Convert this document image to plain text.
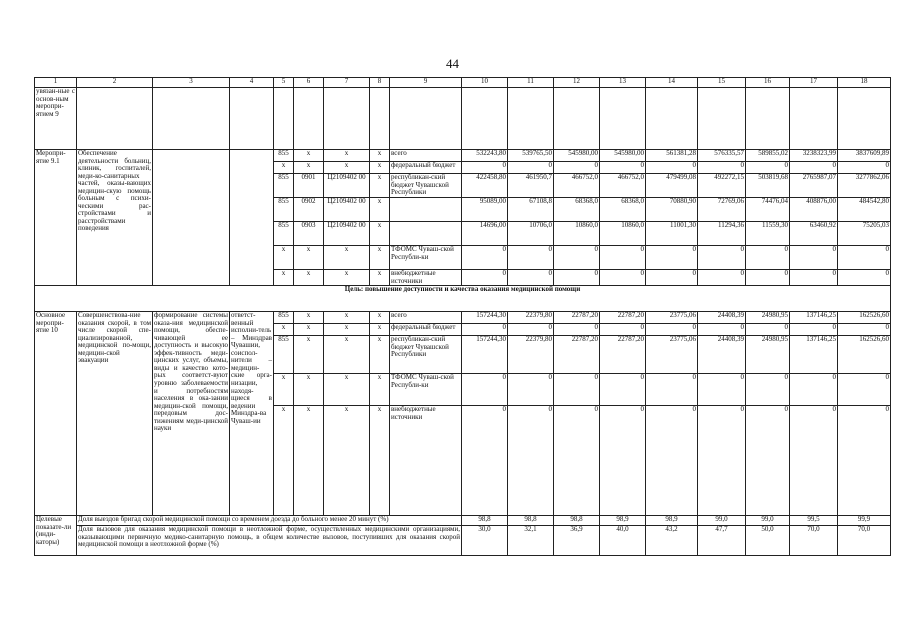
44
1	2	3	4	5	6	7	8	9	10	11	12	13	14	15	16	17	18
увязан-ные с основ-ным меропри-ятием 9																	
Меропри-ятие 9.1	Обеспечение деятельности больниц, клиник, госпиталей, меди-ко-санитарных частей, оказы-вающих медицин-скую помощь больным с психи-ческими рас-стройствами и расстройствами поведения			855	x	x	x	всего	532243,80	539765,50	545980,00	545980,00	561381,28	576335,57	589855,02	3238323,99	3837609,89
				x	x	x	x	федеральный бюджет	0	0	0	0	0	0	0	0	0
				855	0901	Ц2109402 00	x	республикан-ский бюджет Чувашской Республики	422458,80	461950,7	466752,0	466752,0	479499,08	492272,15	503819,68	2765987,07	3277862,06
				855	0902	Ц2109402 00	x		95089,00	67108,8	68368,0	68368,0	70880,90	72769,06	74476,04	408876,00	484542,80
				855	0903	Ц2109402 00	x		14696,00	10706,0	10860,0	10860,0	11001,30	11294,36	11559,30	63460,92	75205,03
				x	x	x	x	ТФОМС Чуваш-ской Республи-ки	0	0	0	0	0	0	0	0	0
				x	x	x	x	внебюджетные источники	0	0	0	0	0	0	0	0	0
Цель: повышение доступности и качества оказания медицинской помощи																	
Основное меропри-ятие 10	Совершенствова-ние оказания скорой, в том числе скорой спе-циализированной, медицинской по-мощи, медицин-ской эвакуации	формирование системы оказа-ния медицинской помощи, обеспе-чивающей ее доступность и высокую эффек-тивность меди-цинских услуг, объемы, виды и качество кото-рых соответст-вуют уровню заболеваемости и потребностям населения в ока-зании медицин-ской помощи, передовым дос-тижениям меди-цинской науки	ответст-венный исполни-тель – Минздрав Чувашии, соиспол-нители – медицин-ские орга-низации, находя-щиеся в ведении Минздра-ва Чуваш-ии	855	x	x	x	всего	157244,30	22379,80	22787,20	22787,20	23775,06	24408,39	24980,95	137146,25	162526,60
				x	x	x	x	федеральный бюджет	0	0	0	0	0	0	0	0	0
				855	x	x	x	республикан-ский бюджет Чувашской Республики	157244,30	22379,80	22787,20	22787,20	23775,06	24408,39	24980,95	137146,25	162526,60
				x	x	x	x	ТФОМС Чуваш-ской Республи-ки	0	0	0	0	0	0	0	0	0
				x	x	x	x	внебюджетные источники	0	0	0	0	0	0	0	0	0
Целевые показате-ли (инди-каторы)	Доля выездов бригад скорой медицинской помощи со временем доезда до больного менее 20 минут (%)								98,8	98,8	98,8	98,9	98,9	99,0	99,0	99,5	99,9
	Доля вызовов для оказания медицинской помощи в неотложной форме, осуществленных медицинскими организациями, оказывающими первичную медико-санитарную помощь, в общем количестве вызовов, поступивших для оказания скорой медицинской помощи в неотложной форме (%)								30,0	32,1	36,9	40,0	43,2	47,7	50,0	70,0	70,0
